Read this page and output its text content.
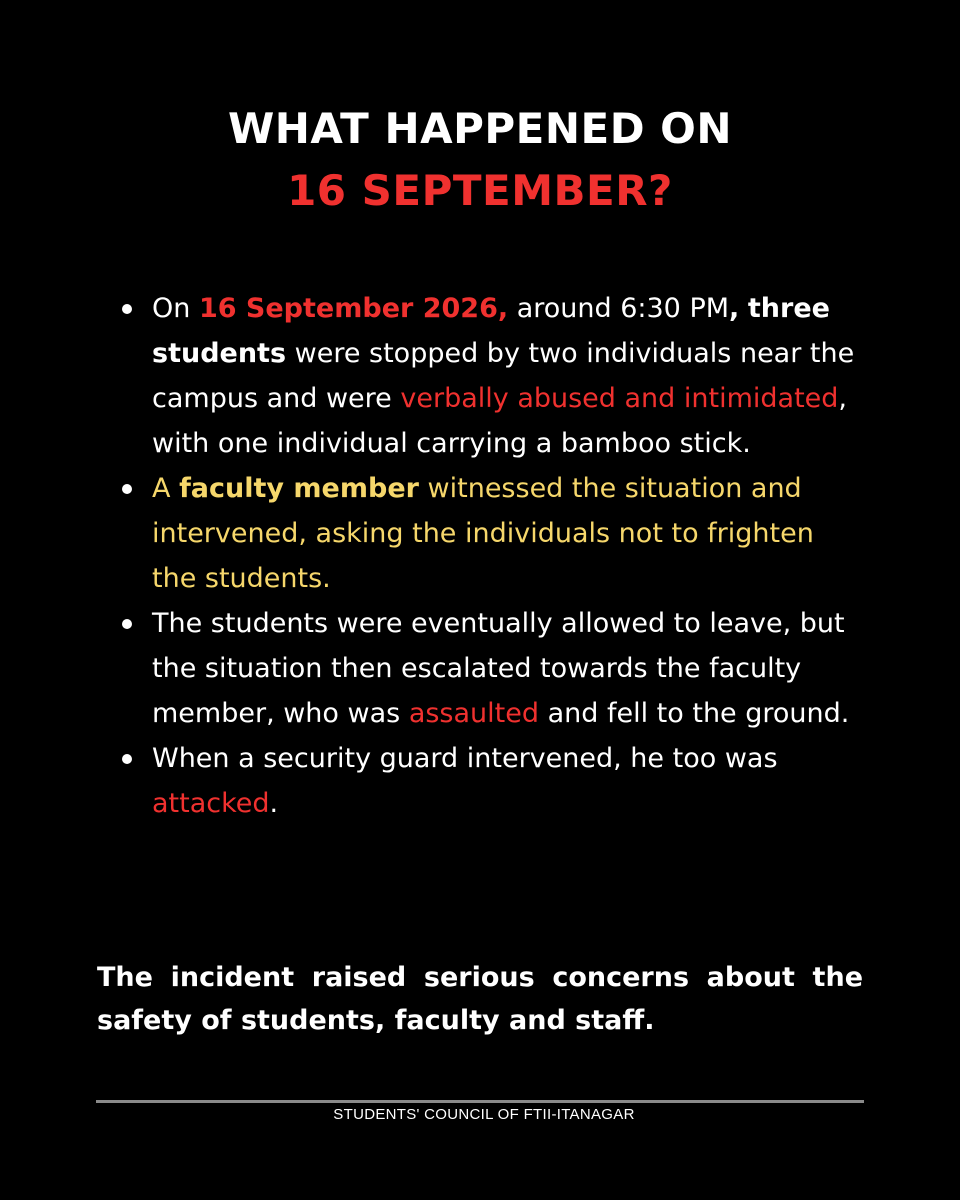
WHAT HAPPENED ON
16 SEPTEMBER?
On 16 September 2026, around 6:30 PM, three students were stopped by two individuals near the campus and were verbally abused and intimidated, with one individual carrying a bamboo stick.
A faculty member witnessed the situation and intervened, asking the individuals not to frighten the students.
The students were eventually allowed to leave, but the situation then escalated towards the faculty member, who was assaulted and fell to the ground.
When a security guard intervened, he too was attacked.

The incident raised serious concerns about the safety of students, faculty and staff.

STUDENTS' COUNCIL OF FTII-ITANAGAR
